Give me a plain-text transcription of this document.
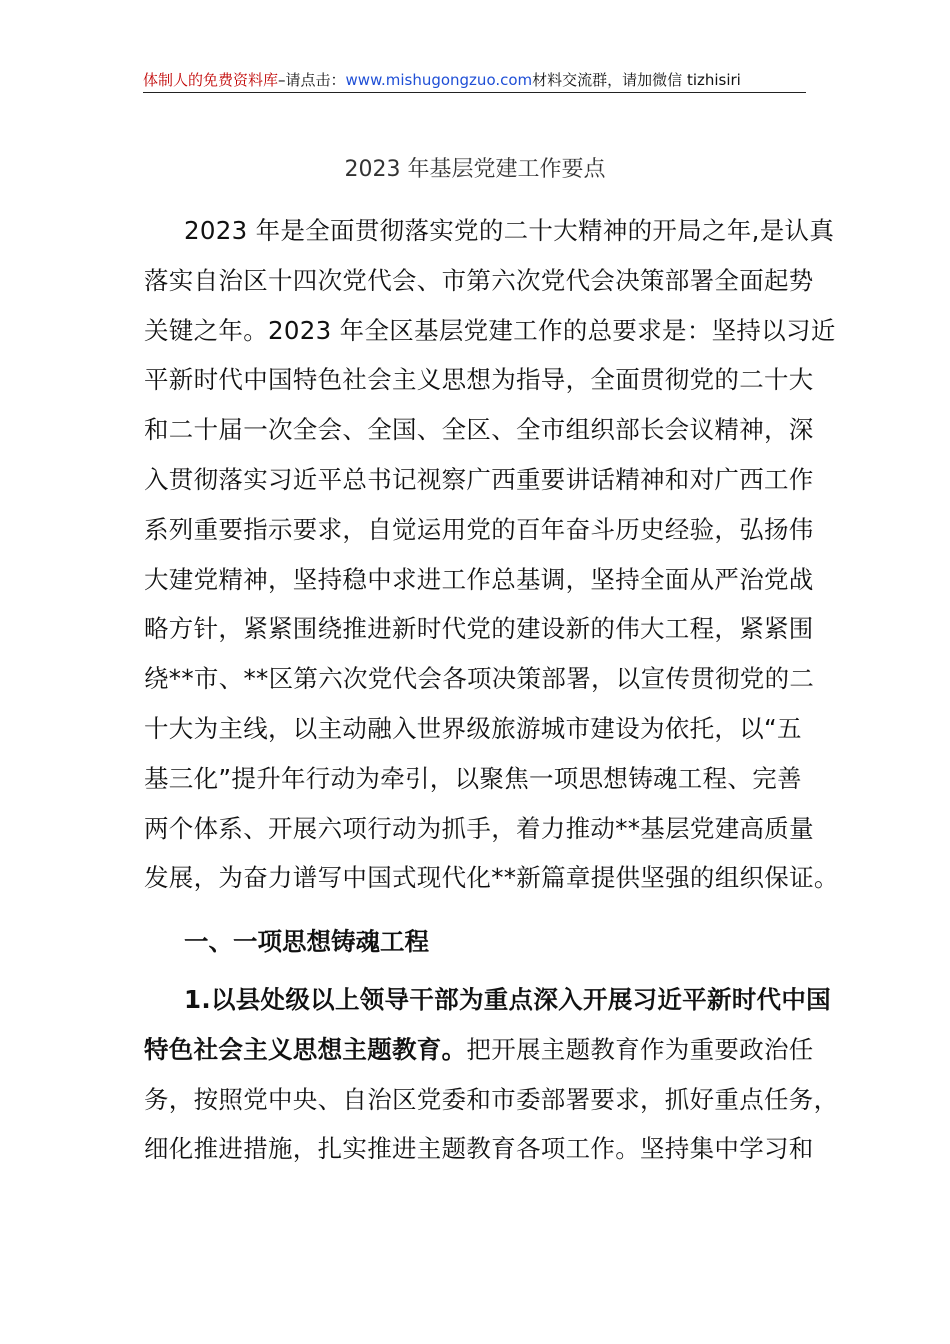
体制人的免费资料库–请点击：www.mishugongzuo.com材料交流群，请加微信 tizhisiri
2023 年基层党建工作要点
2023 年是全面贯彻落实党的二十大精神的开局之年,是认真
落实自治区十四次党代会、市第六次党代会决策部署全面起势
关键之年。2023 年全区基层党建工作的总要求是：坚持以习近
平新时代中国特色社会主义思想为指导，全面贯彻党的二十大
和二十届一次全会、全国、全区、全市组织部长会议精神，深
入贯彻落实习近平总书记视察广西重要讲话精神和对广西工作
系列重要指示要求，自觉运用党的百年奋斗历史经验，弘扬伟
大建党精神，坚持稳中求进工作总基调，坚持全面从严治党战
略方针，紧紧围绕推进新时代党的建设新的伟大工程，紧紧围
绕**市、**区第六次党代会各项决策部署，以宣传贯彻党的二
十大为主线，以主动融入世界级旅游城市建设为依托，以“五
基三化”提升年行动为牵引，以聚焦一项思想铸魂工程、完善
两个体系、开展六项行动为抓手，着力推动**基层党建高质量
发展，为奋力谱写中国式现代化**新篇章提供坚强的组织保证。
一、一项思想铸魂工程
1.以县处级以上领导干部为重点深入开展习近平新时代中国
特色社会主义思想主题教育。把开展主题教育作为重要政治任
务，按照党中央、自治区党委和市委部署要求，抓好重点任务，
细化推进措施，扎实推进主题教育各项工作。坚持集中学习和
